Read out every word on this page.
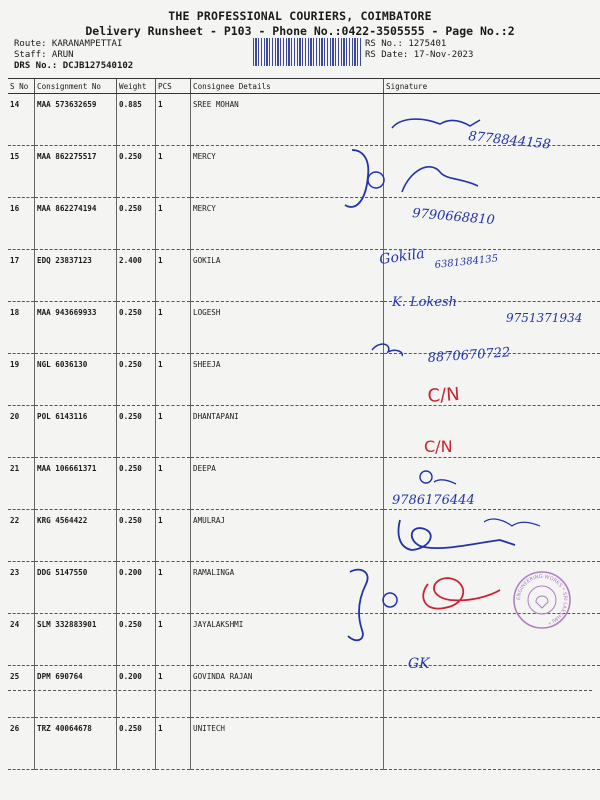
THE PROFESSIONAL COURIERS, COIMBATORE
Delivery Runsheet - P103 - Phone No.:0422-3505555 - Page No.:2
Route: KARANAMPETTAI
Staff: ARUN
DRS No.: DCJB127540102
RS No.: 1275401
RS Date: 17-Nov-2023
S No	Consignment No	Weight	PCS	Consignee Details	Signature
14	MAA 573632659	0.885	1	SREE MOHAN	
15	MAA 862275517	0.250	1	MERCY	
16	MAA 862274194	0.250	1	MERCY	
17	EDQ 23837123	2.400	1	GOKILA	
18	MAA 943669933	0.250	1	LOGESH	
19	NGL 6036130	0.250	1	SHEEJA	
20	POL 6143116	0.250	1	DHANTAPANI	
21	MAA 106661371	0.250	1	DEEPA	
22	KRG 4564422	0.250	1	AMULRAJ	
23	DDG 5147550	0.200	1	RAMALINGA	
24	SLM 332883901	0.250	1	JAYALAKSHMI	
25	DPM 690764	0.200	1	GOVINDA RAJAN	
26	TRZ 40064678	0.250	1	UNITECH	
8778844158
9790668810
Gokila 6381384135
K. Lokesh
9751371934
8870670722
C/N
C/N
9786176444
ENGINEERING WORKS * SRI LAKSHMI *
GK
